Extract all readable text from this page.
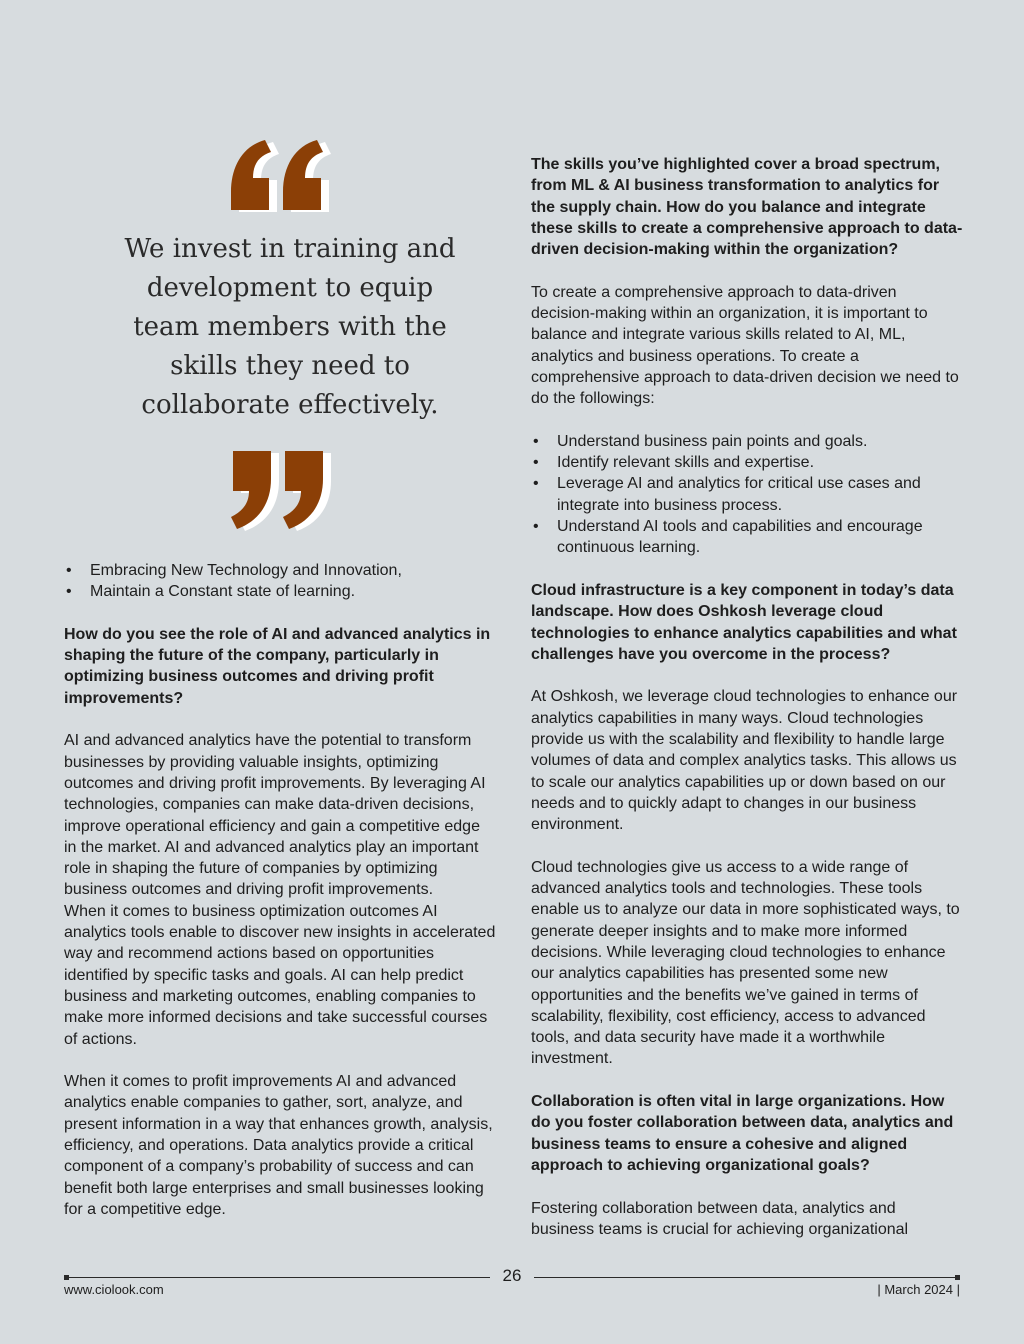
We invest in training and development to equip team members with the skills they need to collaborate effectively.

• Embracing New Technology and Innovation,
• Maintain a Constant state of learning.

How do you see the role of AI and advanced analytics in shaping the future of the company, particularly in optimizing business outcomes and driving profit improvements?

AI and advanced analytics have the potential to transform businesses by providing valuable insights, optimizing outcomes and driving profit improvements. By leveraging AI technologies, companies can make data-driven decisions, improve operational efficiency and gain a competitive edge in the market. AI and advanced analytics play an important role in shaping the future of companies by optimizing business outcomes and driving profit improvements.

When it comes to business optimization outcomes AI analytics tools enable to discover new insights in accelerated way and recommend actions based on opportunities identified by specific tasks and goals. AI can help predict business and marketing outcomes, enabling companies to make more informed decisions and take successful courses of actions.

When it comes to profit improvements AI and advanced analytics enable companies to gather, sort, analyze, and present information in a way that enhances growth, analysis, efficiency, and operations. Data analytics provide a critical component of a company’s probability of success and can benefit both large enterprises and small businesses looking for a competitive edge.

The skills you’ve highlighted cover a broad spectrum, from ML & AI business transformation to analytics for the supply chain. How do you balance and integrate these skills to create a comprehensive approach to data-driven decision-making within the organization?

To create a comprehensive approach to data-driven decision-making within an organization, it is important to balance and integrate various skills related to AI, ML, analytics and business operations. To create a comprehensive approach to data-driven decision we need to do the followings:

• Understand business pain points and goals.
• Identify relevant skills and expertise.
• Leverage AI and analytics for critical use cases and integrate into business process.
• Understand AI tools and capabilities and encourage continuous learning.

Cloud infrastructure is a key component in today’s data landscape. How does Oshkosh leverage cloud technologies to enhance analytics capabilities and what challenges have you overcome in the process?

At Oshkosh, we leverage cloud technologies to enhance our analytics capabilities in many ways. Cloud technologies provide us with the scalability and flexibility to handle large volumes of data and complex analytics tasks. This allows us to scale our analytics capabilities up or down based on our needs and to quickly adapt to changes in our business environment.

Cloud technologies give us access to a wide range of advanced analytics tools and technologies. These tools enable us to analyze our data in more sophisticated ways, to generate deeper insights and to make more informed decisions. While leveraging cloud technologies to enhance our analytics capabilities has presented some new opportunities and the benefits we’ve gained in terms of scalability, flexibility, cost efficiency, access to advanced tools, and data security have made it a worthwhile investment.

Collaboration is often vital in large organizations. How do you foster collaboration between data, analytics and business teams to ensure a cohesive and aligned approach to achieving organizational goals?

Fostering collaboration between data, analytics and business teams is crucial for achieving organizational

26
www.ciolook.com	| March 2024 |
